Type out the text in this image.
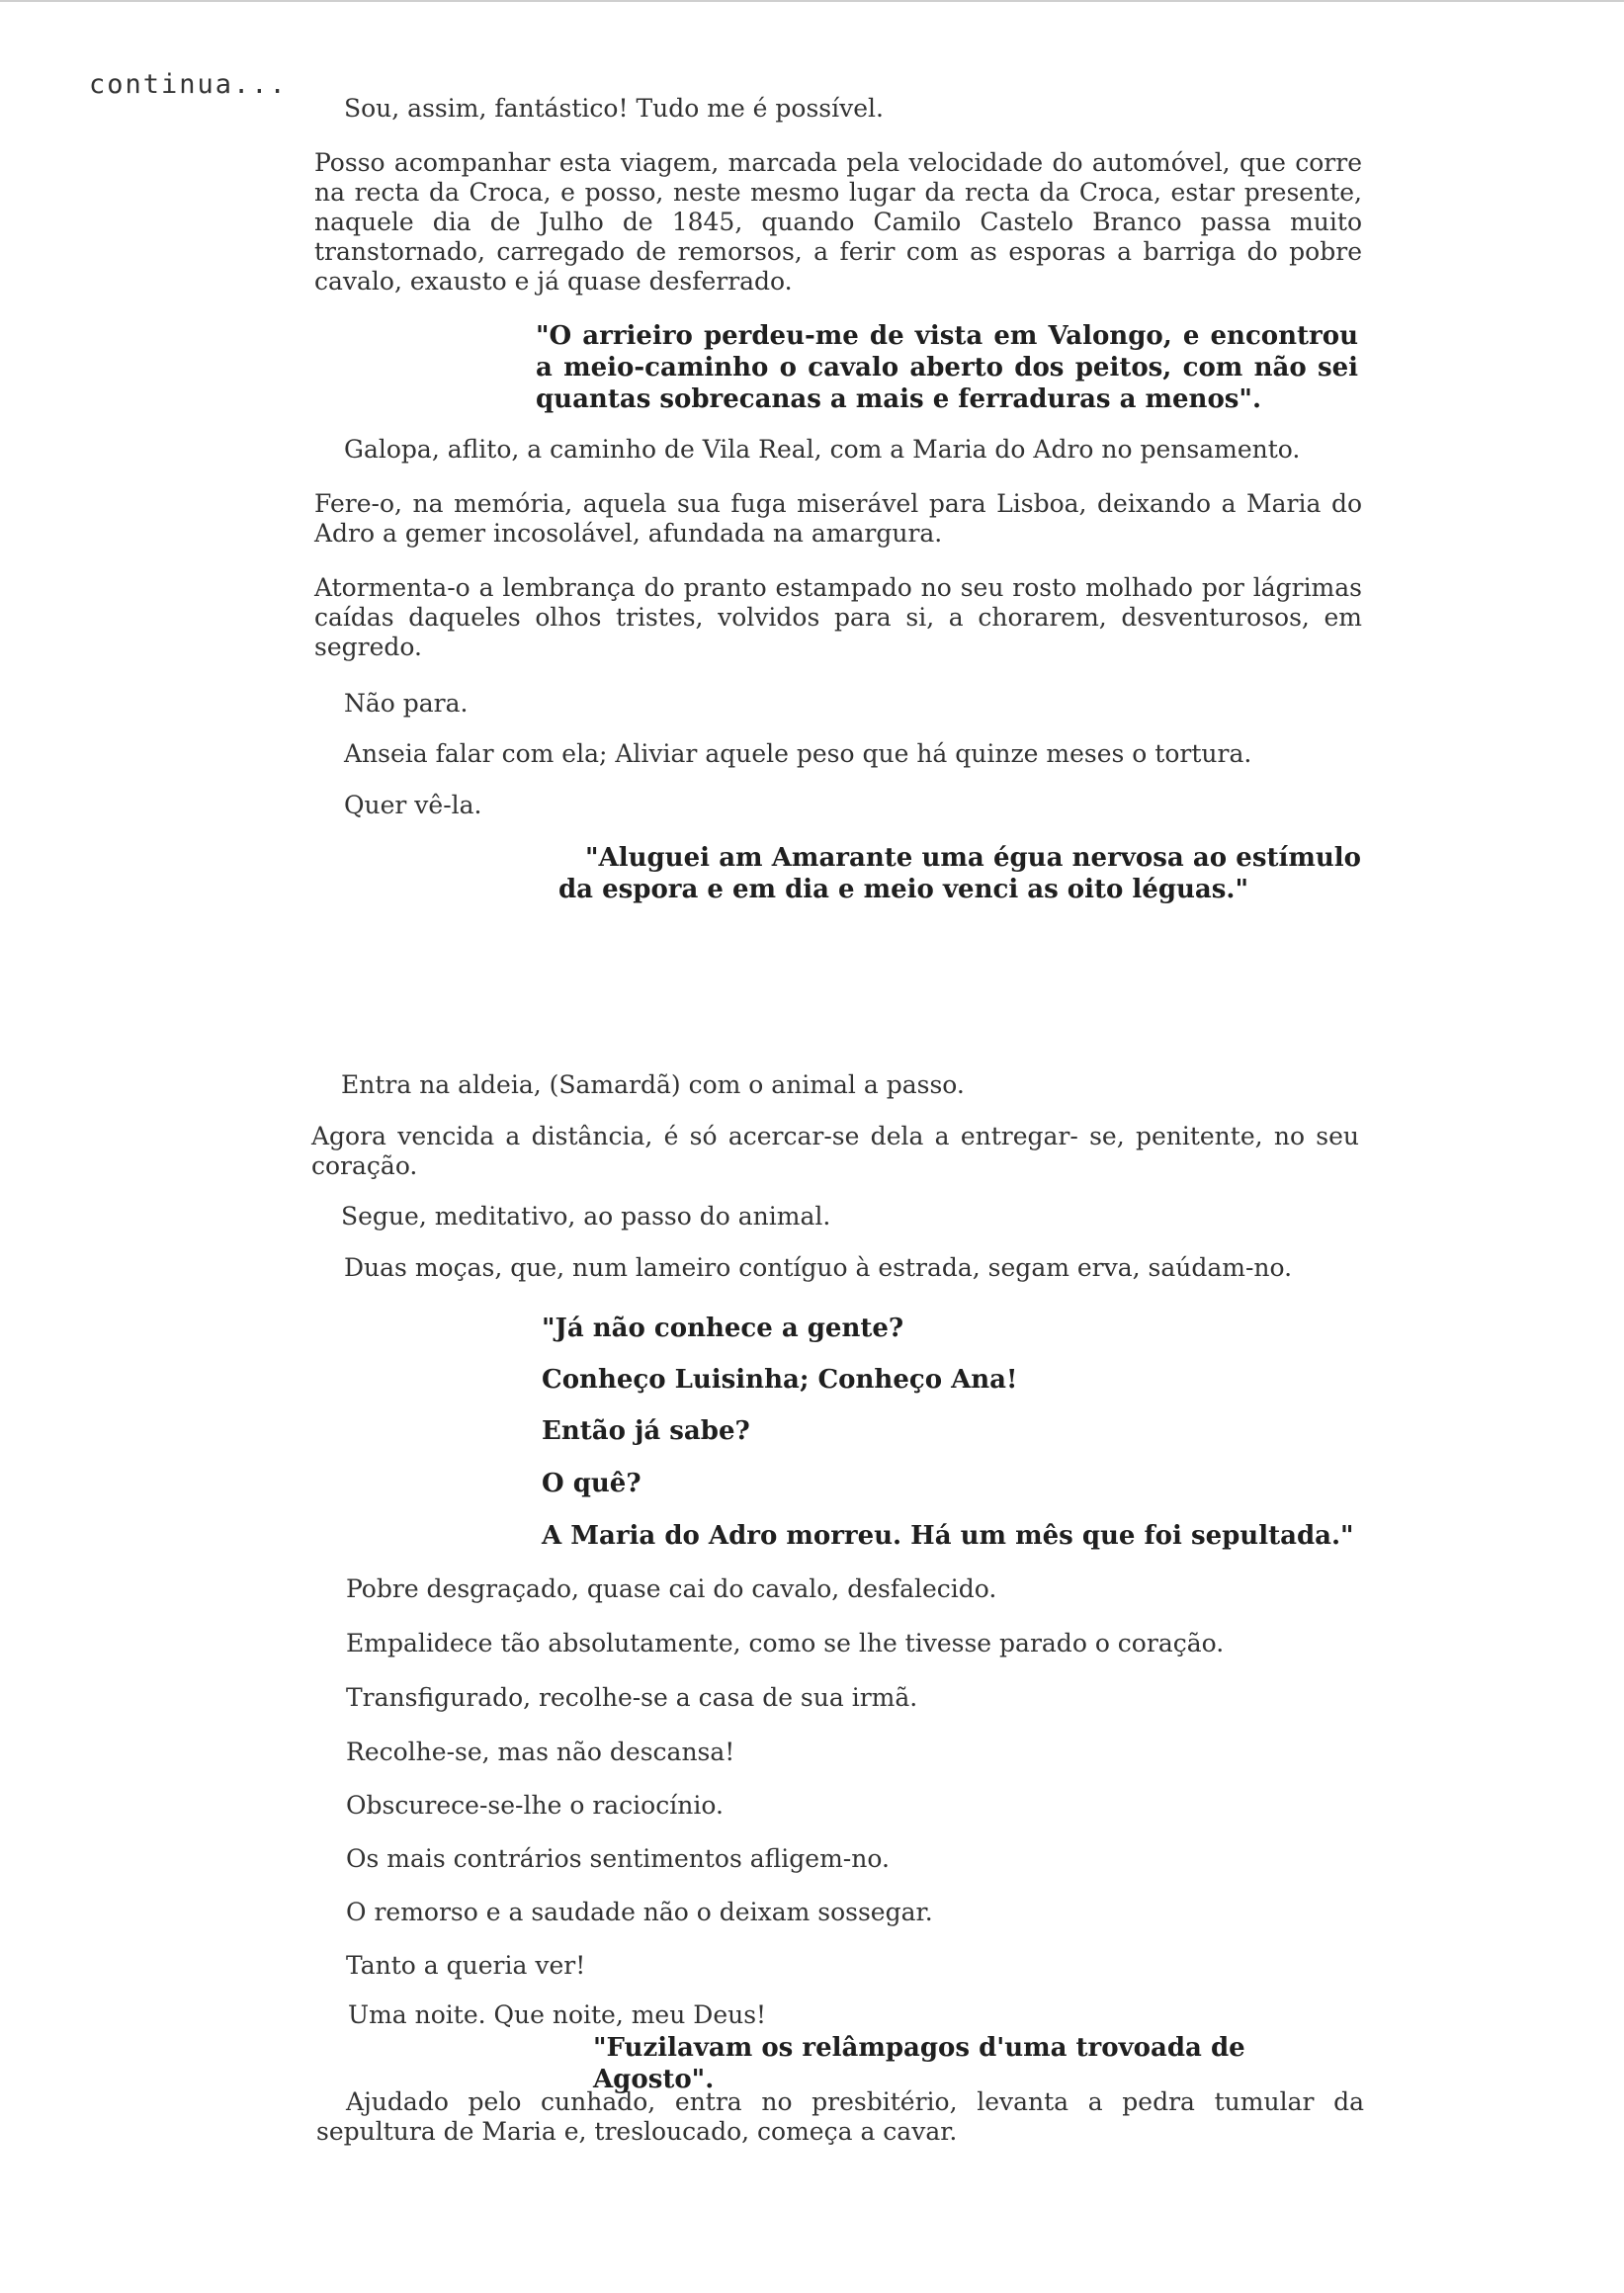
continua...

Sou, assim, fantástico! Tudo me é possível.

Posso acompanhar esta viagem, marcada pela velocidade do automóvel, que corre na recta da Croca, e posso, neste mesmo lugar da recta da Croca, estar presente, naquele dia de Julho de 1845, quando Camilo Castelo Branco passa muito transtornado, carregado de remorsos, a ferir com as esporas a barriga do pobre cavalo, exausto e já quase desferrado.

"O arrieiro perdeu-me de vista em Valongo, e encontrou a meio-caminho o cavalo aberto dos peitos, com não sei quantas sobrecanas a mais e ferraduras a menos".

Galopa, aflito, a caminho de Vila Real, com a Maria do Adro no pensamento.

Fere-o, na memória, aquela sua fuga miserável para Lisboa, deixando a Maria do Adro a gemer incosolável, afundada na amargura.

Atormenta-o a lembrança do pranto estampado no seu rosto molhado por lágrimas caídas daqueles olhos tristes, volvidos para si, a chorarem, desventurosos, em segredo.

Não para.

Anseia falar com ela; Aliviar aquele peso que há quinze meses o tortura.

Quer vê-la.

"Aluguei am Amarante uma égua nervosa ao estímulo da espora e em dia e meio venci as oito léguas."

Entra na aldeia, (Samardã) com o animal a passo.

Agora vencida a distância, é só acercar-se dela a entregar- se, penitente, no seu coração.

Segue, meditativo, ao passo do animal.

Duas moças, que, num lameiro contíguo à estrada, segam erva, saúdam-no.

"Já não conhece a gente?

Conheço Luisinha; Conheço Ana!

Então já sabe?

O quê?

A Maria do Adro morreu. Há um mês que foi sepultada."

Pobre desgraçado, quase cai do cavalo, desfalecido.

Empalidece tão absolutamente, como se lhe tivesse parado o coração.

Transfigurado, recolhe-se a casa de sua irmã.

Recolhe-se, mas não descansa!

Obscurece-se-lhe o raciocínio.

Os mais contrários sentimentos afligem-no.

O remorso e a saudade não o deixam sossegar.

Tanto a queria ver!

Uma noite. Que noite, meu Deus!

"Fuzilavam os relâmpagos d'uma trovoada de Agosto".

Ajudado pelo cunhado, entra no presbitério, levanta a pedra tumular da sepultura de Maria e, tresloucado, começa a cavar.
